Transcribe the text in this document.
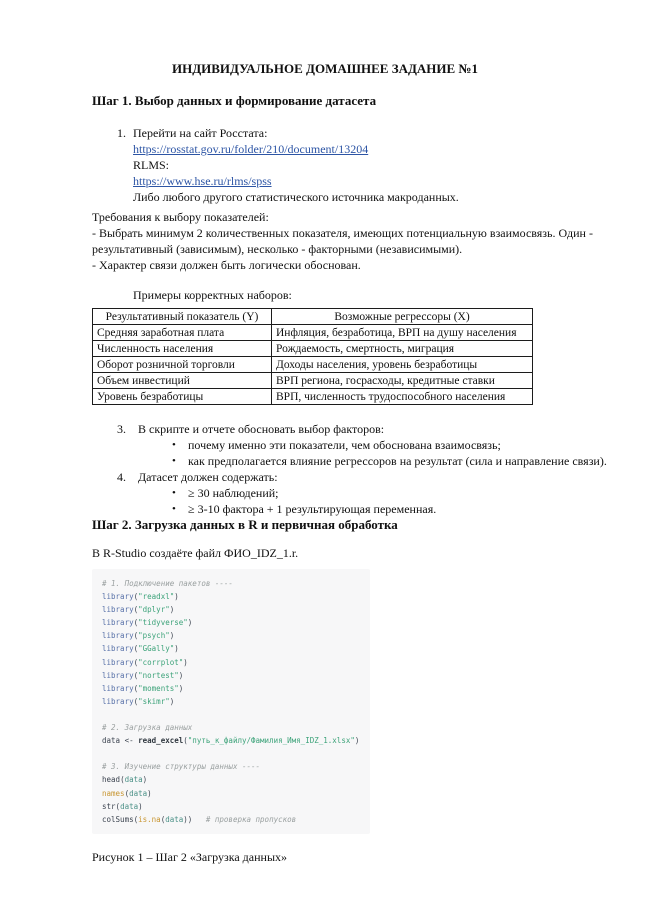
ИНДИВИДУАЛЬНОЕ ДОМАШНЕЕ ЗАДАНИЕ №1
Шаг 1. Выбор данных и формирование датасета
1. Перейти на сайт Росстата:
https://rosstat.gov.ru/folder/210/document/13204
RLMS:
https://www.hse.ru/rlms/spss
Либо любого другого статистического источника макроданных.
Требования к выбору показателей:
- Выбрать минимум 2 количественных показателя, имеющих потенциальную взаимосвязь. Один -
результативный (зависимым), несколько - факторными (независимыми).
- Характер связи должен быть логически обоснован.
Примеры корректных наборов:
Результативный показатель (Y)	Возможные регрессоры (X)
Средняя заработная плата	Инфляция, безработица, ВРП на душу населения
Численность населения	Рождаемость, смертность, миграция
Оборот розничной торговли	Доходы населения, уровень безработицы
Объем инвестиций	ВРП региона, госрасходы, кредитные ставки
Уровень безработицы	ВРП, численность трудоспособного населения
3. В скрипте и отчете обосновать выбор факторов:
• почему именно эти показатели, чем обоснована взаимосвязь;
• как предполагается влияние регрессоров на результат (сила и направление связи).
4. Датасет должен содержать:
• ≥ 30 наблюдений;
• ≥ 3-10 фактора + 1 результирующая переменная.
Шаг 2. Загрузка данных в R и первичная обработка
В R-Studio создаёте файл ФИО_IDZ_1.r.
# 1. Подключение пакетов ----
library("readxl")
library("dplyr")
library("tidyverse")
library("psych")
library("GGally")
library("corrplot")
library("nortest")
library("moments")
library("skimr")

# 2. Загрузка данных
data <- read_excel("путь_к_файлу/Фамилия_Имя_IDZ_1.xlsx")

# 3. Изучение структуры данных ----
head(data)
names(data)
str(data)
colSums(is.na(data)) # проверка пропусков
Рисунок 1 – Шаг 2 «Загрузка данных»
